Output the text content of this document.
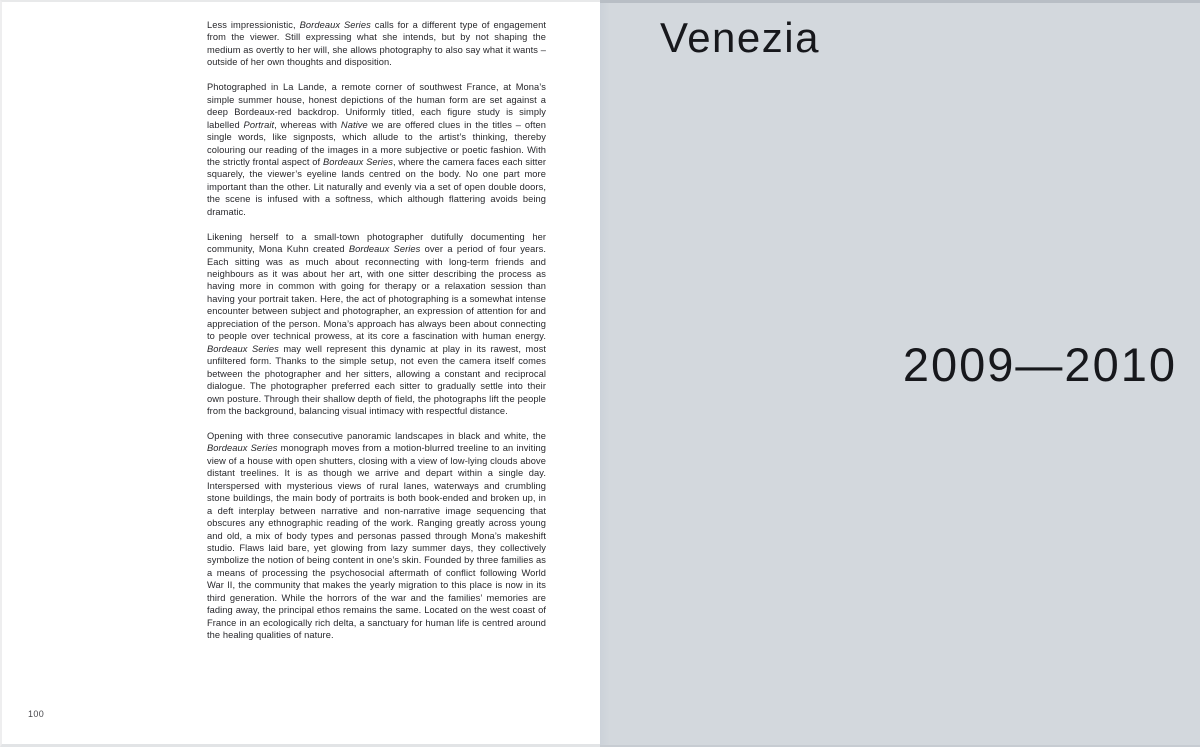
Less impressionistic, Bordeaux Series calls for a different type of engagement from the viewer. Still expressing what she intends, but by not shaping the medium as overtly to her will, she allows photography to also say what it wants – outside of her own thoughts and disposition.

Photographed in La Lande, a remote corner of southwest France, at Mona’s simple summer house, honest depictions of the human form are set against a deep Bordeaux-red backdrop. Uniformly titled, each figure study is simply labelled Portrait, whereas with Native we are offered clues in the titles – often single words, like signposts, which allude to the artist’s thinking, thereby colouring our reading of the images in a more subjective or poetic fashion. With the strictly frontal aspect of Bordeaux Series, where the camera faces each sitter squarely, the viewer’s eyeline lands centred on the body. No one part more important than the other. Lit naturally and evenly via a set of open double doors, the scene is infused with a softness, which although flattering avoids being dramatic.

Likening herself to a small-town photographer dutifully documenting her community, Mona Kuhn created Bordeaux Series over a period of four years. Each sitting was as much about reconnecting with long-term friends and neighbours as it was about her art, with one sitter describing the process as having more in common with going for therapy or a relaxation session than having your portrait taken. Here, the act of photographing is a somewhat intense encounter between subject and photographer, an expression of attention for and appreciation of the person. Mona’s approach has always been about connecting to people over technical prowess, at its core a fascination with human energy. Bordeaux Series may well represent this dynamic at play in its rawest, most unfiltered form. Thanks to the simple setup, not even the camera itself comes between the photographer and her sitters, allowing a constant and reciprocal dialogue. The photographer preferred each sitter to gradually settle into their own posture. Through their shallow depth of field, the photographs lift the people from the background, balancing visual intimacy with respectful distance.

Opening with three consecutive panoramic landscapes in black and white, the Bordeaux Series monograph moves from a motion-blurred treeline to an inviting view of a house with open shutters, closing with a view of low-lying clouds above distant treelines. It is as though we arrive and depart within a single day. Interspersed with mysterious views of rural lanes, waterways and crumbling stone buildings, the main body of portraits is both book-ended and broken up, in a deft interplay between narrative and non-narrative image sequencing that obscures any ethnographic reading of the work. Ranging greatly across young and old, a mix of body types and personas passed through Mona’s makeshift studio. Flaws laid bare, yet glowing from lazy summer days, they collectively symbolize the notion of being content in one’s skin. Founded by three families as a means of processing the psychosocial aftermath of conflict following World War II, the community that makes the yearly migration to this place is now in its third generation. While the horrors of the war and the families’ memories are fading away, the principal ethos remains the same. Located on the west coast of France in an ecologically rich delta, a sanctuary for human life is centred around the healing qualities of nature.

100
Venezia
2009—2010
